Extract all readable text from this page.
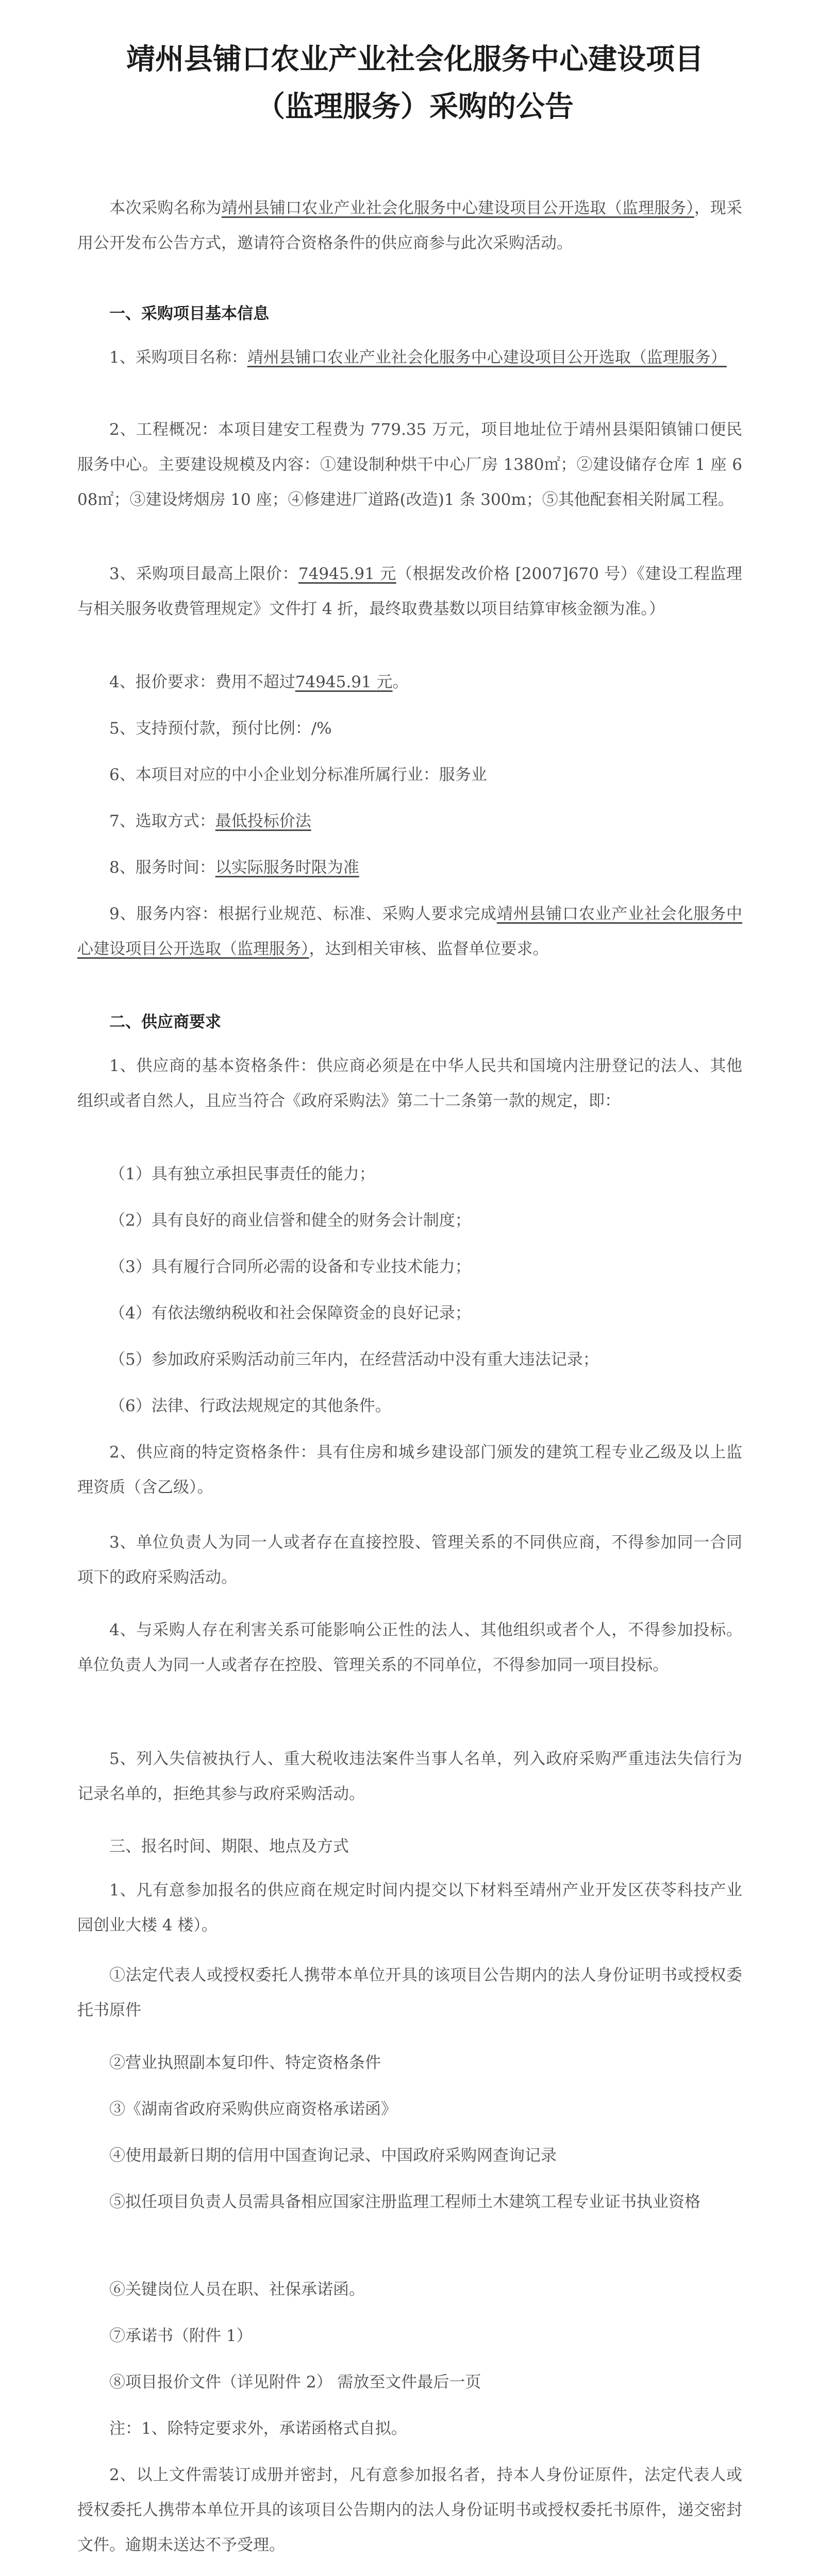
靖州县铺口农业产业社会化服务中心建设项目（监理服务）采购的公告

　　本次采购名称为靖州县铺口农业产业社会化服务中心建设项目公开选取（监理服务），现采用公开发布公告方式，邀请符合资格条件的供应商参与此次采购活动。

一、采购项目基本信息

1、采购项目名称：靖州县铺口农业产业社会化服务中心建设项目公开选取（监理服务）

2、工程概况：本项目建安工程费为 779.35 万元，项目地址位于靖州县渠阳镇铺口便民服务中心。主要建设规模及内容：①建设制种烘干中心厂房 1380㎡；②建设储存仓库 1 座 608㎡；③建设烤烟房 10 座；④修建进厂道路(改造)1 条 300m；⑤其他配套相关附属工程。

3、采购项目最高上限价：74945.91 元（根据发改价格 [2007]670 号）《建设工程监理与相关服务收费管理规定》文件打 4 折，最终取费基数以项目结算审核金额为准。）

4、报价要求：费用不超过74945.91 元。

5、支持预付款，预付比例：/%

6、本项目对应的中小企业划分标准所属行业：服务业

7、选取方式：最低投标价法

8、服务时间：以实际服务时限为准

9、服务内容：根据行业规范、标准、采购人要求完成靖州县铺口农业产业社会化服务中心建设项目公开选取（监理服务），达到相关审核、监督单位要求。

二、供应商要求

1、供应商的基本资格条件：供应商必须是在中华人民共和国境内注册登记的法人、其他组织或者自然人，且应当符合《政府采购法》第二十二条第一款的规定，即：

（1）具有独立承担民事责任的能力；

（2）具有良好的商业信誉和健全的财务会计制度；

（3）具有履行合同所必需的设备和专业技术能力；

（4）有依法缴纳税收和社会保障资金的良好记录；

（5）参加政府采购活动前三年内，在经营活动中没有重大违法记录；

（6）法律、行政法规规定的其他条件。

2、供应商的特定资格条件：具有住房和城乡建设部门颁发的建筑工程专业乙级及以上监理资质（含乙级）。

3、单位负责人为同一人或者存在直接控股、管理关系的不同供应商，不得参加同一合同项下的政府采购活动。

4、与采购人存在利害关系可能影响公正性的法人、其他组织或者个人，不得参加投标。单位负责人为同一人或者存在控股、管理关系的不同单位，不得参加同一项目投标。

5、列入失信被执行人、重大税收违法案件当事人名单，列入政府采购严重违法失信行为记录名单的，拒绝其参与政府采购活动。

三、报名时间、期限、地点及方式

1、凡有意参加报名的供应商在规定时间内提交以下材料至靖州产业开发区茯苓科技产业园创业大楼 4 楼）。

①法定代表人或授权委托人携带本单位开具的该项目公告期内的法人身份证明书或授权委托书原件

②营业执照副本复印件、特定资格条件

③《湖南省政府采购供应商资格承诺函》

④使用最新日期的信用中国查询记录、中国政府采购网查询记录

⑤拟任项目负责人员需具备相应国家注册监理工程师土木建筑工程专业证书执业资格

⑥关键岗位人员在职、社保承诺函。

⑦承诺书（附件 1）

⑧项目报价文件（详见附件 2） 需放至文件最后一页

注：1、除特定要求外，承诺函格式自拟。

2、以上文件需装订成册并密封，凡有意参加报名者，持本人身份证原件，法定代表人或授权委托人携带本单位开具的该项目公告期内的法人身份证明书或授权委托书原件，递交密封文件。逾期未送达不予受理。
